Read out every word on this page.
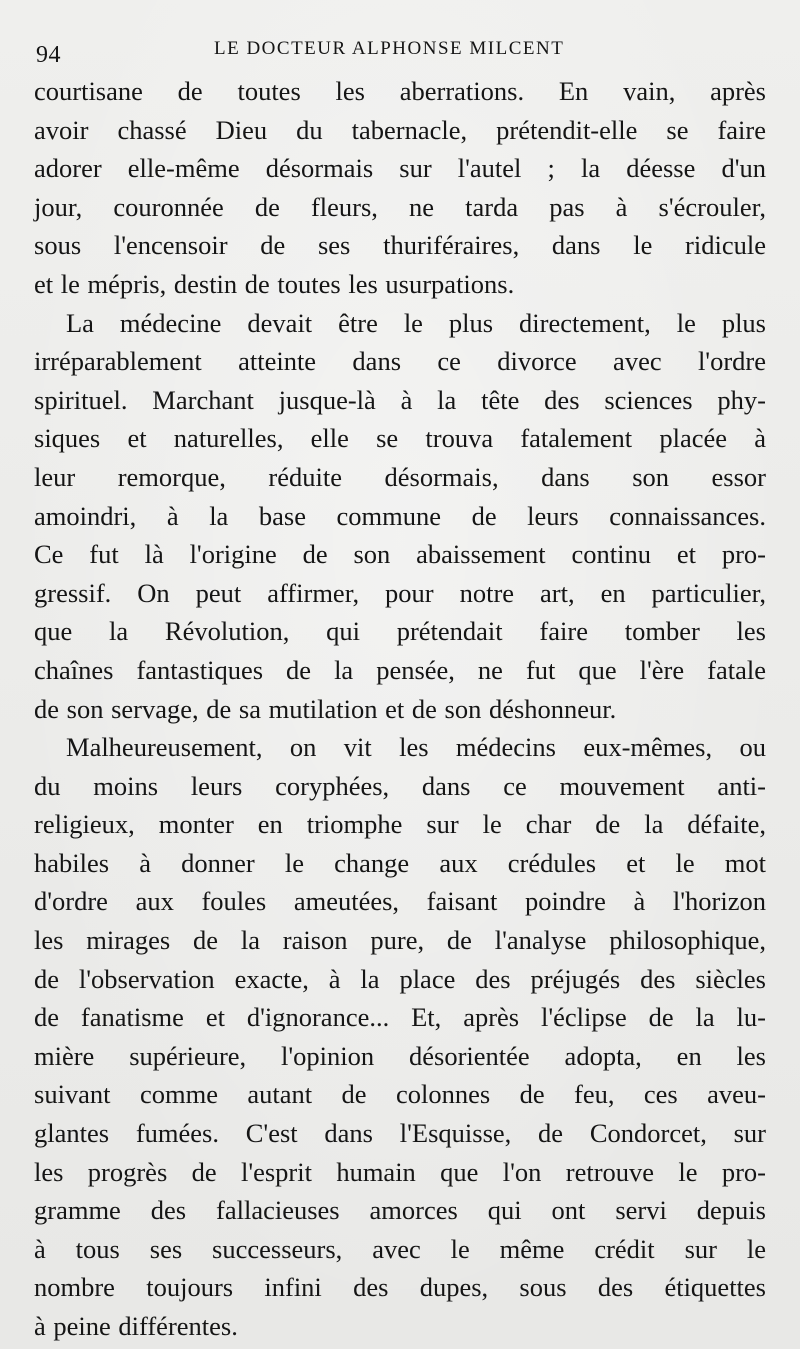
94	LE DOCTEUR ALPHONSE MILCENT
courtisane de toutes les aberrations. En vain, après
avoir chassé Dieu du tabernacle, prétendit-elle se faire
adorer elle-même désormais sur l'autel ; la déesse d'un
jour, couronnée de fleurs, ne tarda pas à s'écrouler,
sous l'encensoir de ses thuriféraires, dans le ridicule
et le mépris, destin de toutes les usurpations.
La médecine devait être le plus directement, le plus
irréparablement atteinte dans ce divorce avec l'ordre
spirituel. Marchant jusque-là à la tête des sciences phy-
siques et naturelles, elle se trouva fatalement placée à
leur remorque, réduite désormais, dans son essor
amoindri, à la base commune de leurs connaissances.
Ce fut là l'origine de son abaissement continu et pro-
gressif. On peut affirmer, pour notre art, en particulier,
que la Révolution, qui prétendait faire tomber les
chaînes fantastiques de la pensée, ne fut que l'ère fatale
de son servage, de sa mutilation et de son déshonneur.
Malheureusement, on vit les médecins eux-mêmes, ou
du moins leurs coryphées, dans ce mouvement anti-
religieux, monter en triomphe sur le char de la défaite,
habiles à donner le change aux crédules et le mot
d'ordre aux foules ameutées, faisant poindre à l'horizon
les mirages de la raison pure, de l'analyse philosophique,
de l'observation exacte, à la place des préjugés des siècles
de fanatisme et d'ignorance... Et, après l'éclipse de la lu-
mière supérieure, l'opinion désorientée adopta, en les
suivant comme autant de colonnes de feu, ces aveu-
glantes fumées. C'est dans l'Esquisse, de Condorcet, sur
les progrès de l'esprit humain que l'on retrouve le pro-
gramme des fallacieuses amorces qui ont servi depuis
à tous ses successeurs, avec le même crédit sur le
nombre toujours infini des dupes, sous des étiquettes
à peine différentes.
